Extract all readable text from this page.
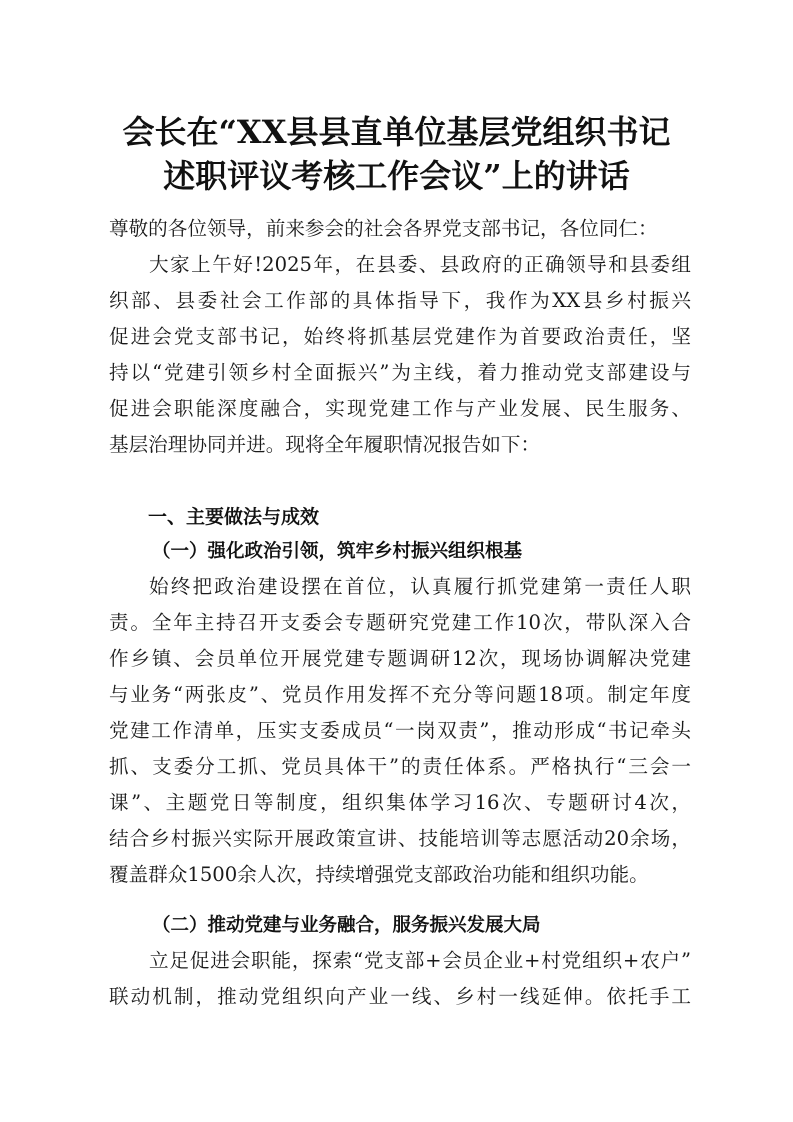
会长在“XX县县直单位基层党组织书记
述职评议考核工作会议”上的讲话

尊敬的各位领导，前来参会的社会各界党支部书记，各位同仁：

大家上午好!2025年，在县委、县政府的正确领导和县委组
织部、县委社会工作部的具体指导下，我作为XX县乡村振兴
促进会党支部书记，始终将抓基层党建作为首要政治责任，坚
持以“党建引领乡村全面振兴”为主线，着力推动党支部建设与
促进会职能深度融合，实现党建工作与产业发展、民生服务、
基层治理协同并进。现将全年履职情况报告如下：
一、主要做法与成效
（一）强化政治引领，筑牢乡村振兴组织根基
始终把政治建设摆在首位，认真履行抓党建第一责任人职
责。全年主持召开支委会专题研究党建工作10次，带队深入合
作乡镇、会员单位开展党建专题调研12次，现场协调解决党建
与业务“两张皮”、党员作用发挥不充分等问题18项。制定年度
党建工作清单，压实支委成员“一岗双责”，推动形成“书记牵头
抓、支委分工抓、党员具体干”的责任体系。严格执行“三会一
课”、主题党日等制度，组织集体学习16次、专题研讨4次，
结合乡村振兴实际开展政策宣讲、技能培训等志愿活动20余场，
覆盖群众1500余人次，持续增强党支部政治功能和组织功能。
（二）推动党建与业务融合，服务振兴发展大局
立足促进会职能，探索“党支部+会员企业+村党组织+农户”
联动机制，推动党组织向产业一线、乡村一线延伸。依托手工
